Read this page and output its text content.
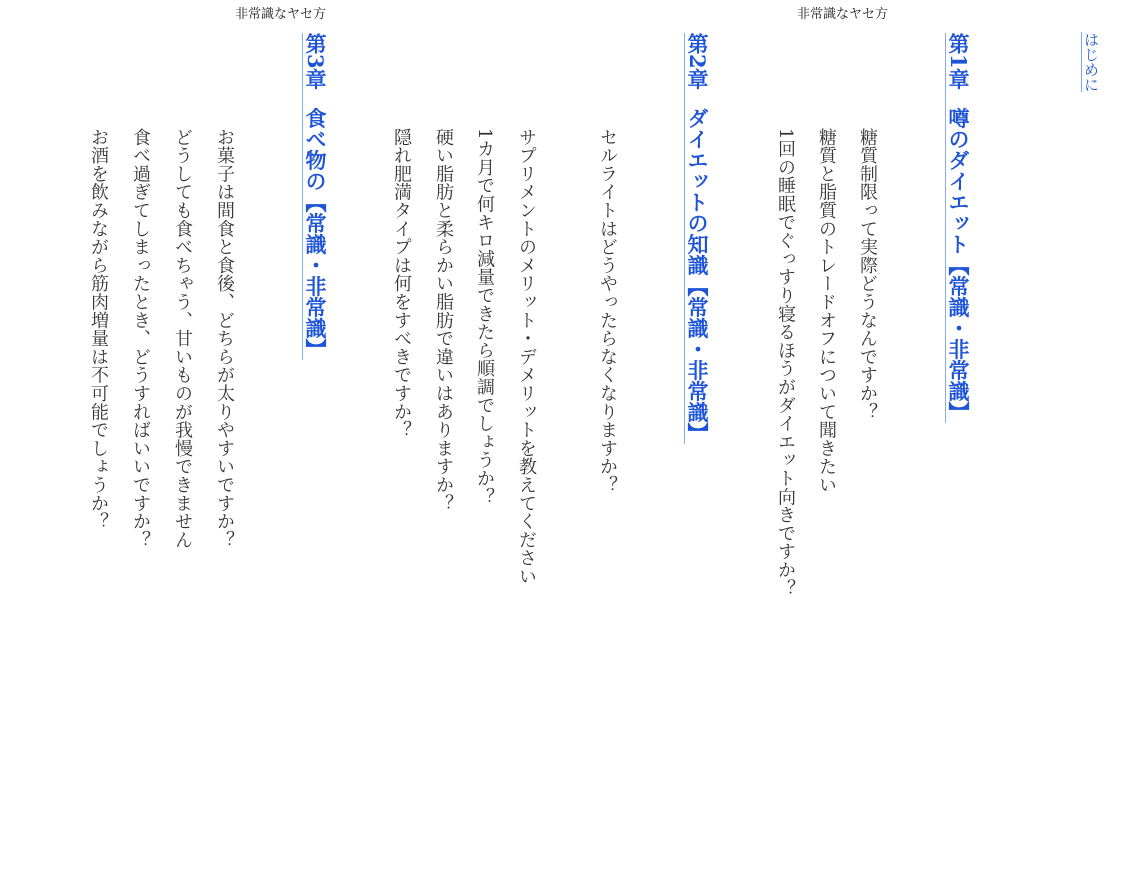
非常識なヤセ方
はじめに
第1章噂のダイエット【常識・非常識】
糖質制限って実際どうなんですか？
糖質と脂質のトレードオフについて聞きたい
1回の睡眠でぐっすり寝るほうがダイエット向きですか？
第2章ダイエットの知識【常識・非常識】
セルライトはどうやったらなくなりますか？
非常識なヤセ方
サプリメントのメリット・デメリットを教えてください
1カ月で何キロ減量できたら順調でしょうか？
硬い脂肪と柔らかい脂肪で違いはありますか？
隠れ肥満タイプは何をすべきですか？
第3章食べ物の【常識・非常識】
お菓子は間食と食後、どちらが太りやすいですか？
どうしても食べちゃう、甘いものが我慢できません
食べ過ぎてしまったとき、どうすればいいですか？
お酒を飲みながら筋肉増量は不可能でしょうか？
